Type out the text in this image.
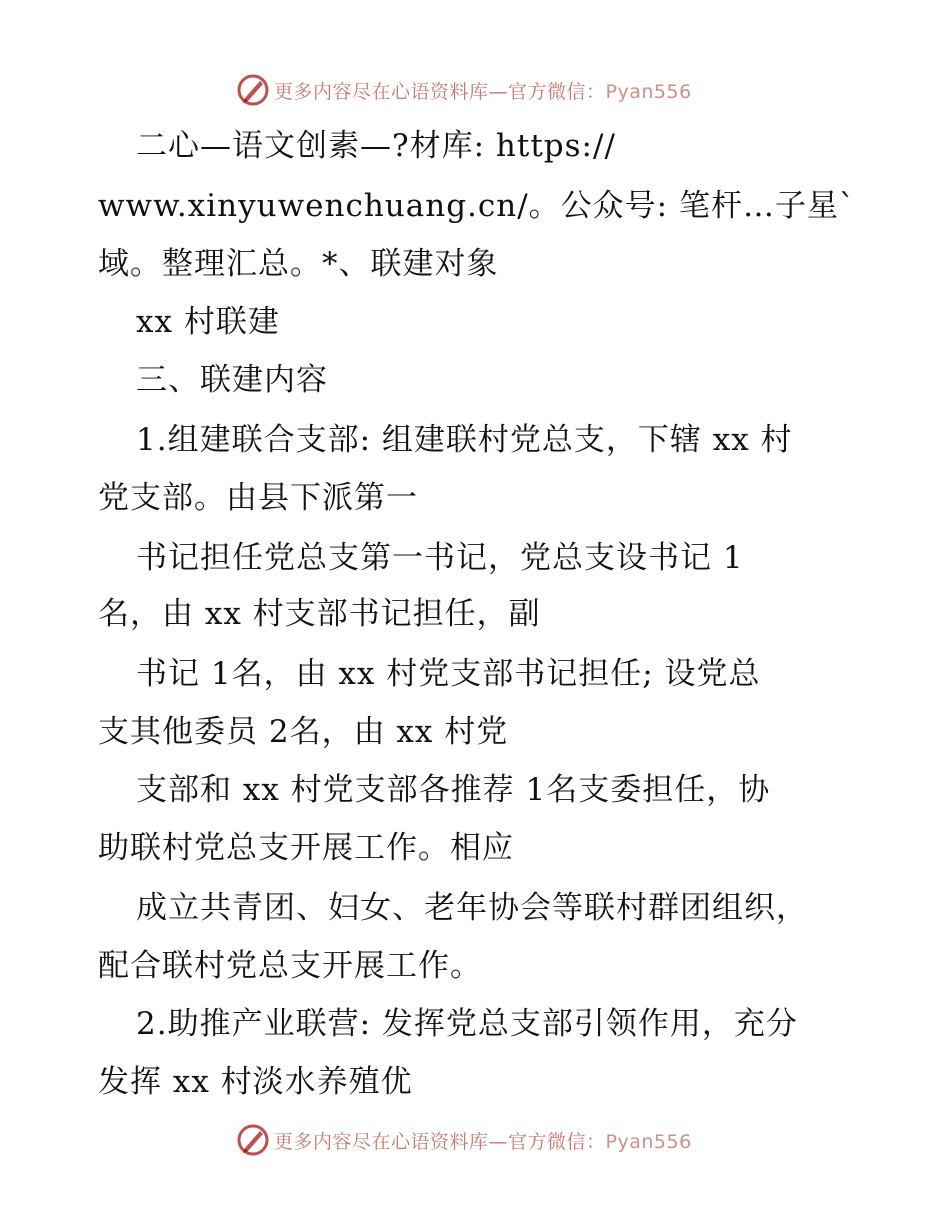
更多内容尽在心语资料库—官方微信：Pyan556
二心—语文创素—?材库: https://
www.xinyuwenchuang.cn/。公众号: 笔杆…子星`
域。整理汇总。*、联建对象
xx 村联建
三、联建内容
1.组建联合支部: 组建联村党总支，下辖 xx 村
党支部。由县下派第一
书记担任党总支第一书记，党总支设书记 1
名，由 xx 村支部书记担任，副
书记 1名，由 xx 村党支部书记担任; 设党总
支其他委员 2名，由 xx 村党
支部和 xx 村党支部各推荐 1名支委担任，协
助联村党总支开展工作。相应
成立共青团、妇女、老年协会等联村群团组织，
配合联村党总支开展工作。
2.助推产业联营: 发挥党总支部引领作用，充分
发挥 xx 村淡水养殖优
更多内容尽在心语资料库—官方微信：Pyan556
